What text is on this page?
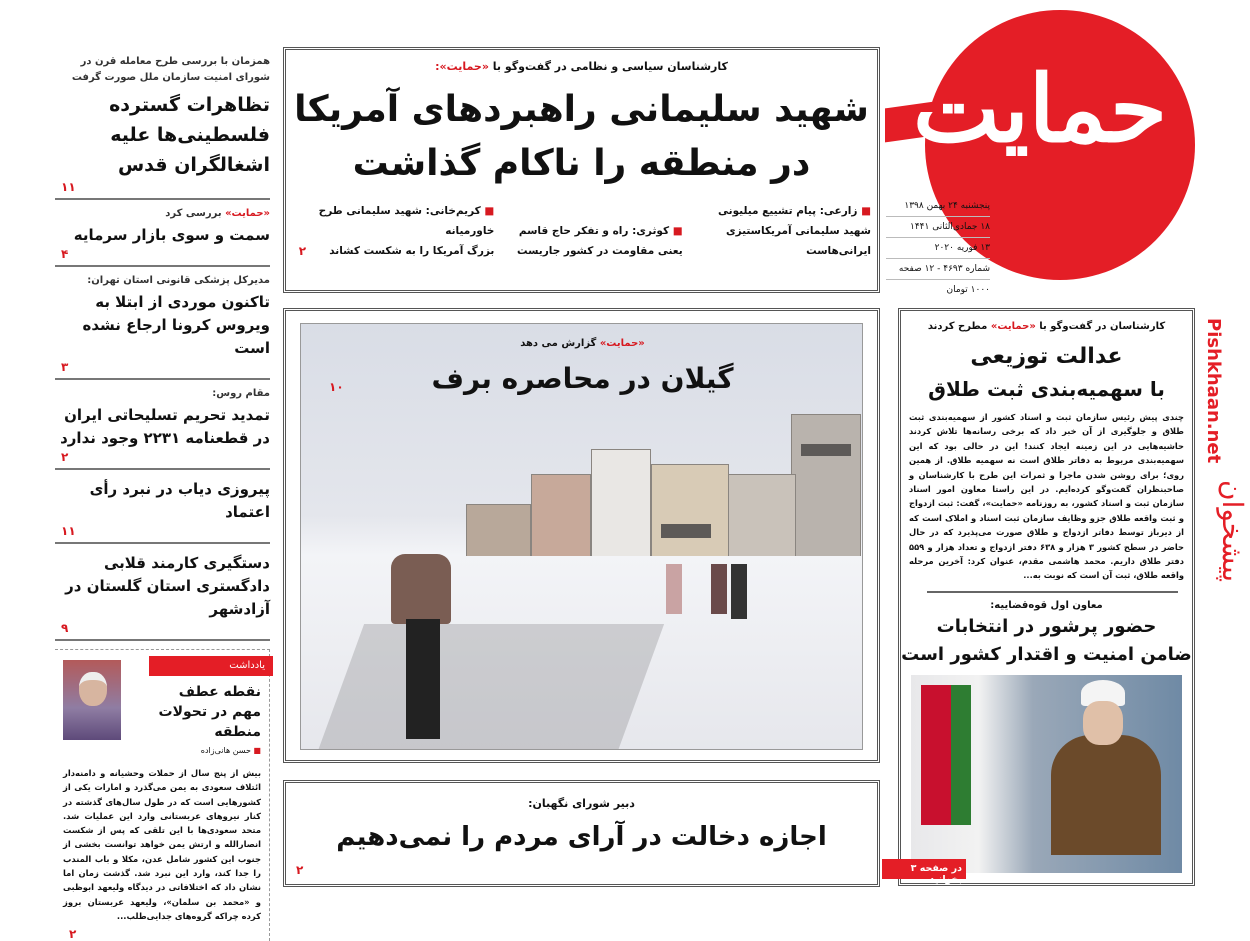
همزمان با بررسی طرح معامله قرن در شورای امنیت سازمان ملل صورت گرفت
تظاهرات گسترده فلسطینی‌ها علیه اشغالگران قدس
۱۱
«حمایت» بررسی کرد
سمت و سوی بازار سرمایه
۴
مدیرکل پزشکی قانونی استان تهران:
تاکنون موردی از ابتلا به ویروس کرونا ارجاع نشده است
۳
مقام روس:
تمدید تحریم تسلیحاتی ایران در قطعنامه ۲۲۳۱ وجود ندارد
۲
پیروزی دیاب در نبرد رأی اعتماد
۱۱
دستگیری کارمند قلابی دادگستری استان گلستان در آزادشهر
۹
یادداشت
نقطه عطف مهم در تحولات منطقه
■ حسن هانی‌زاده
بیش از پنج سال از حملات وحشیانه و دامنه‌دار ائتلاف سعودی به یمن می‌گذرد و امارات یکی از کشورهایی است که در طول سال‌های گذشته در کنار نیروهای عربستانی وارد این عملیات شد. متحد سعودی‌ها با این تلقی که پس از شکست انصارالله و ارتش یمن خواهد توانست بخشی از جنوب این کشور شامل عدن، مکلا و باب المندب را جدا کند، وارد این نبرد شد. گذشت زمان اما نشان داد که اختلافاتی در دیدگاه ولیعهد ابوظبی و «محمد بن سلمان»، ولیعهد عربستان بروز کرده چراکه گروه‌های جدایی‌طلب...
۲
کارشناسان سیاسی و نظامی در گفت‌وگو با «حمایت»:
شهید سلیمانی راهبردهای آمریکا
در منطقه را ناکام گذاشت
■ زارعی: پیام تشییع میلیونی
شهید سلیمانی آمریکاستیزی ایرانی‌هاست
■ کوثری: راه و تفکر حاج قاسم
یعنی مقاومت در کشور جاریست
■ کریم‌خانی: شهید سلیمانی طرح خاورمیانه
بزرگ آمریکا را به شکست کشاند
۲
«حمایت» گزارش می دهد
گیلان در محاصره برف
۱۰
دبیر شورای نگهبان:
اجازه دخالت در آرای مردم را نمی‌دهیم
۲
حمایت
پنجشنبه ۲۴ بهمن ۱۳۹۸
۱۸ جمادی‌الثانی ۱۴۴۱
۱۳ فوریه ۲۰۲۰
شماره ۴۶۹۳ - ۱۲ صفحه
۱۰۰۰ تومان
کارشناسان در گفت‌وگو با «حمایت» مطرح کردند
عدالت توزیعی
با سهمیه‌بندی ثبت طلاق
چندی پیش رئیس سازمان ثبت و اسناد کشور از سهمیه‌بندی ثبت طلاق و جلوگیری از آن خبر داد که برخی رسانه‌ها تلاش کردند حاشیه‌هایی در این زمینه ایجاد کنند! این در حالی بود که این سهمیه‌بندی مربوط به دفاتر طلاق است نه سهمیه طلاق. از همین روی؛ برای روشن شدن ماجرا و ثمرات این طرح با کارشناسان و صاحبنظران گفت‌وگو کرده‌ایم. در این راستا معاون امور اسناد سازمان ثبت و اسناد کشور، به روزنامه «حمایت»، گفت: ثبت ازدواج و ثبت واقعه طلاق جزو وظایف سازمان ثبت اسناد و املاک است که از دیرباز توسط دفاتر ازدواج و طلاق صورت می‌پذیرد که در حال حاضر در سطح کشور ۳ هزار و ۶۳۸ دفتر ازدواج و تعداد هزار و ۵۵۹ دفتر طلاق داریم. محمد هاشمی مقدم، عنوان کرد: آخرین مرحله واقعه طلاق، ثبت آن است که نوبت به...
معاون اول قوه‌قضاییه:
حضور پرشور در انتخابات
ضامن امنیت و اقتدار کشور است
در صفحه ۳ بخوانید
Pishkhaan.net
پیشخوان
